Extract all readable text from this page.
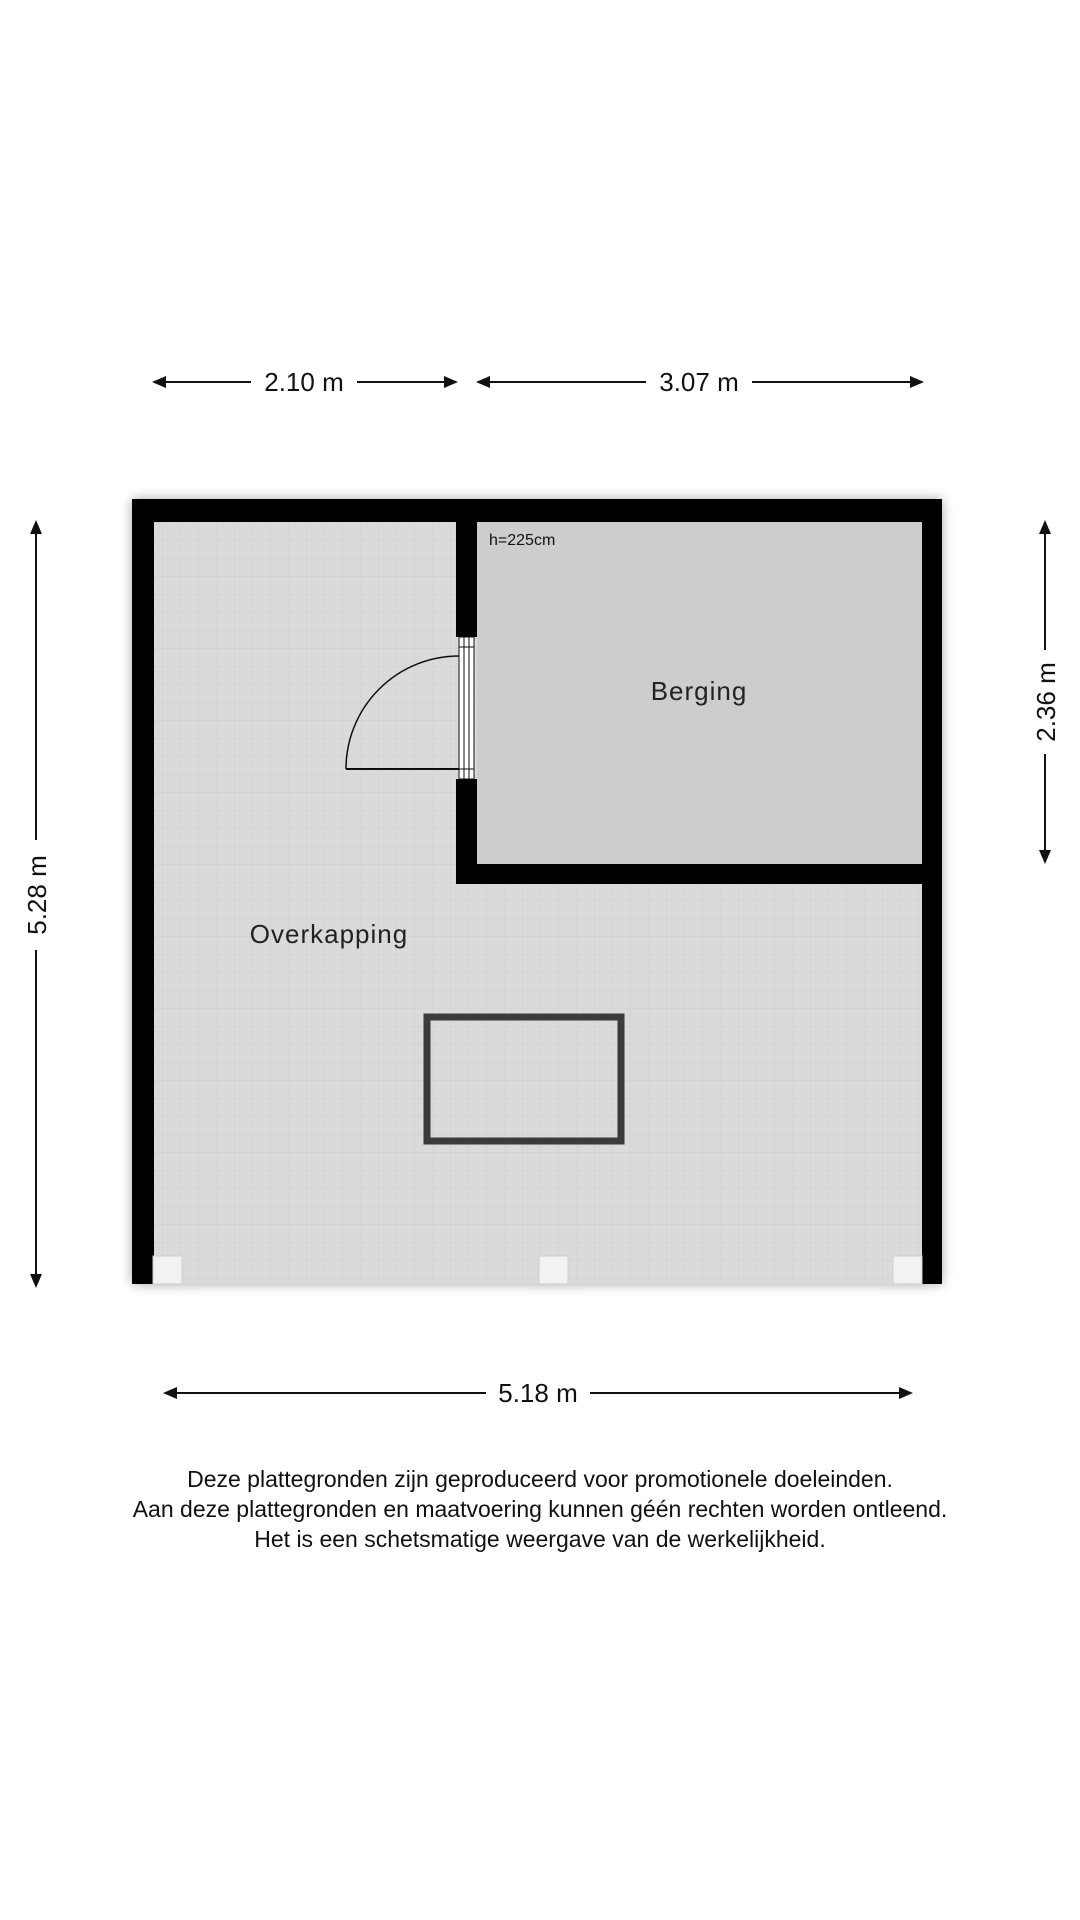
2.10 m	3.07 m
5.28 m
2.36 m
5.18 m
h=225cm
Berging
Overkapping
Deze plattegronden zijn geproduceerd voor promotionele doeleinden.
Aan deze plattegronden en maatvoering kunnen géén rechten worden ontleend.
Het is een schetsmatige weergave van de werkelijkheid.
